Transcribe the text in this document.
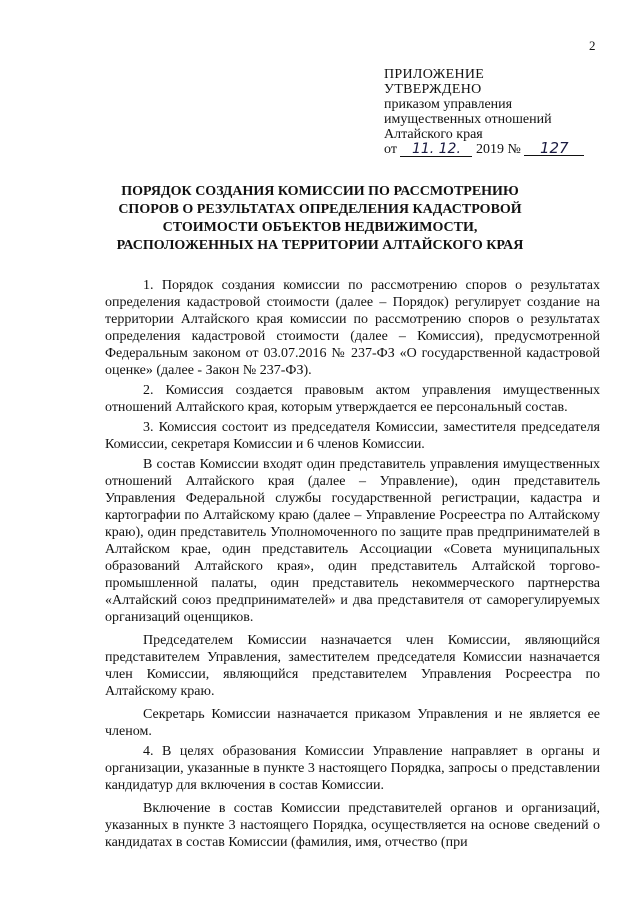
2
ПРИЛОЖЕНИЕ
УТВЕРЖДЕНО
приказом управления
имущественных отношений
Алтайского края
от 11. 12. 2019 № 127
ПОРЯДОК СОЗДАНИЯ КОМИССИИ ПО РАССМОТРЕНИЮ СПОРОВ О РЕЗУЛЬТАТАХ ОПРЕДЕЛЕНИЯ КАДАСТРОВОЙ СТОИМОСТИ ОБЪЕКТОВ НЕДВИЖИМОСТИ, РАСПОЛОЖЕННЫХ НА ТЕРРИТОРИИ АЛТАЙСКОГО КРАЯ

1. Порядок создания комиссии по рассмотрению споров о результатах определения кадастровой стоимости (далее – Порядок) регулирует создание на территории Алтайского края комиссии по рассмотрению споров о результатах определения кадастровой стоимости (далее – Комиссия), предусмотренной Федеральным законом от 03.07.2016 № 237-ФЗ «О государственной кадастровой оценке» (далее - Закон № 237-ФЗ).

2. Комиссия создается правовым актом управления имущественных отношений Алтайского края, которым утверждается ее персональный состав.

3. Комиссия состоит из председателя Комиссии, заместителя председателя Комиссии, секретаря Комиссии и 6 членов Комиссии.

В состав Комиссии входят один представитель управления имущественных отношений Алтайского края (далее – Управление), один представитель Управления Федеральной службы государственной регистрации, кадастра и картографии по Алтайскому краю (далее – Управление Росреестра по Алтайскому краю), один представитель Уполномоченного по защите прав предпринимателей в Алтайском крае, один представитель Ассоциации «Совета муниципальных образований Алтайского края», один представитель Алтайской торгово-промышленной палаты, один представитель некоммерческого партнерства «Алтайский союз предпринимателей» и два представителя от саморегулируемых организаций оценщиков.

Председателем Комиссии назначается член Комиссии, являющийся представителем Управления, заместителем председателя Комиссии назначается член Комиссии, являющийся представителем Управления Росреестра по Алтайскому краю.

Секретарь Комиссии назначается приказом Управления и не является ее членом.

4. В целях образования Комиссии Управление направляет в органы и организации, указанные в пункте 3 настоящего Порядка, запросы о представлении кандидатур для включения в состав Комиссии.

Включение в состав Комиссии представителей органов и организаций, указанных в пункте 3 настоящего Порядка, осуществляется на основе сведений о кандидатах в состав Комиссии (фамилия, имя, отчество (при
